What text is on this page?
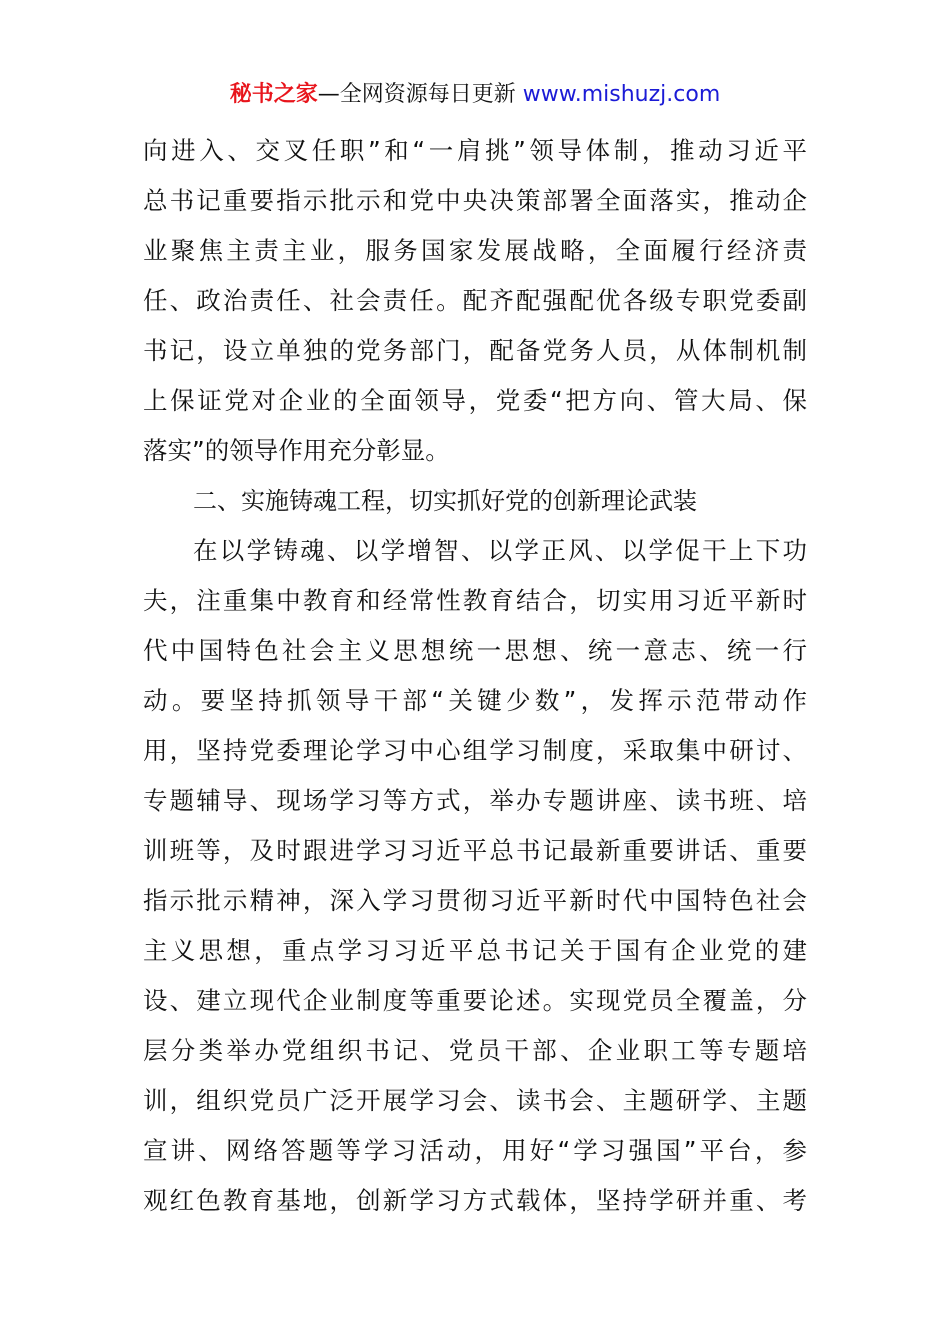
秘书之家—全网资源每日更新 www.mishuzj.com
向进入、交叉任职”和“一肩挑”领导体制，推动习近平
总书记重要指示批示和党中央决策部署全面落实，推动企
业聚焦主责主业，服务国家发展战略，全面履行经济责
任、政治责任、社会责任。配齐配强配优各级专职党委副
书记，设立单独的党务部门，配备党务人员，从体制机制
上保证党对企业的全面领导，党委“把方向、管大局、保
落实”的领导作用充分彰显。
二、实施铸魂工程，切实抓好党的创新理论武装
在以学铸魂、以学增智、以学正风、以学促干上下功
夫，注重集中教育和经常性教育结合，切实用习近平新时
代中国特色社会主义思想统一思想、统一意志、统一行
动。要坚持抓领导干部“关键少数”，发挥示范带动作
用，坚持党委理论学习中心组学习制度，采取集中研讨、
专题辅导、现场学习等方式，举办专题讲座、读书班、培
训班等，及时跟进学习习近平总书记最新重要讲话、重要
指示批示精神，深入学习贯彻习近平新时代中国特色社会
主义思想，重点学习习近平总书记关于国有企业党的建
设、建立现代企业制度等重要论述。实现党员全覆盖，分
层分类举办党组织书记、党员干部、企业职工等专题培
训，组织党员广泛开展学习会、读书会、主题研学、主题
宣讲、网络答题等学习活动，用好“学习强国”平台，参
观红色教育基地，创新学习方式载体，坚持学研并重、考
